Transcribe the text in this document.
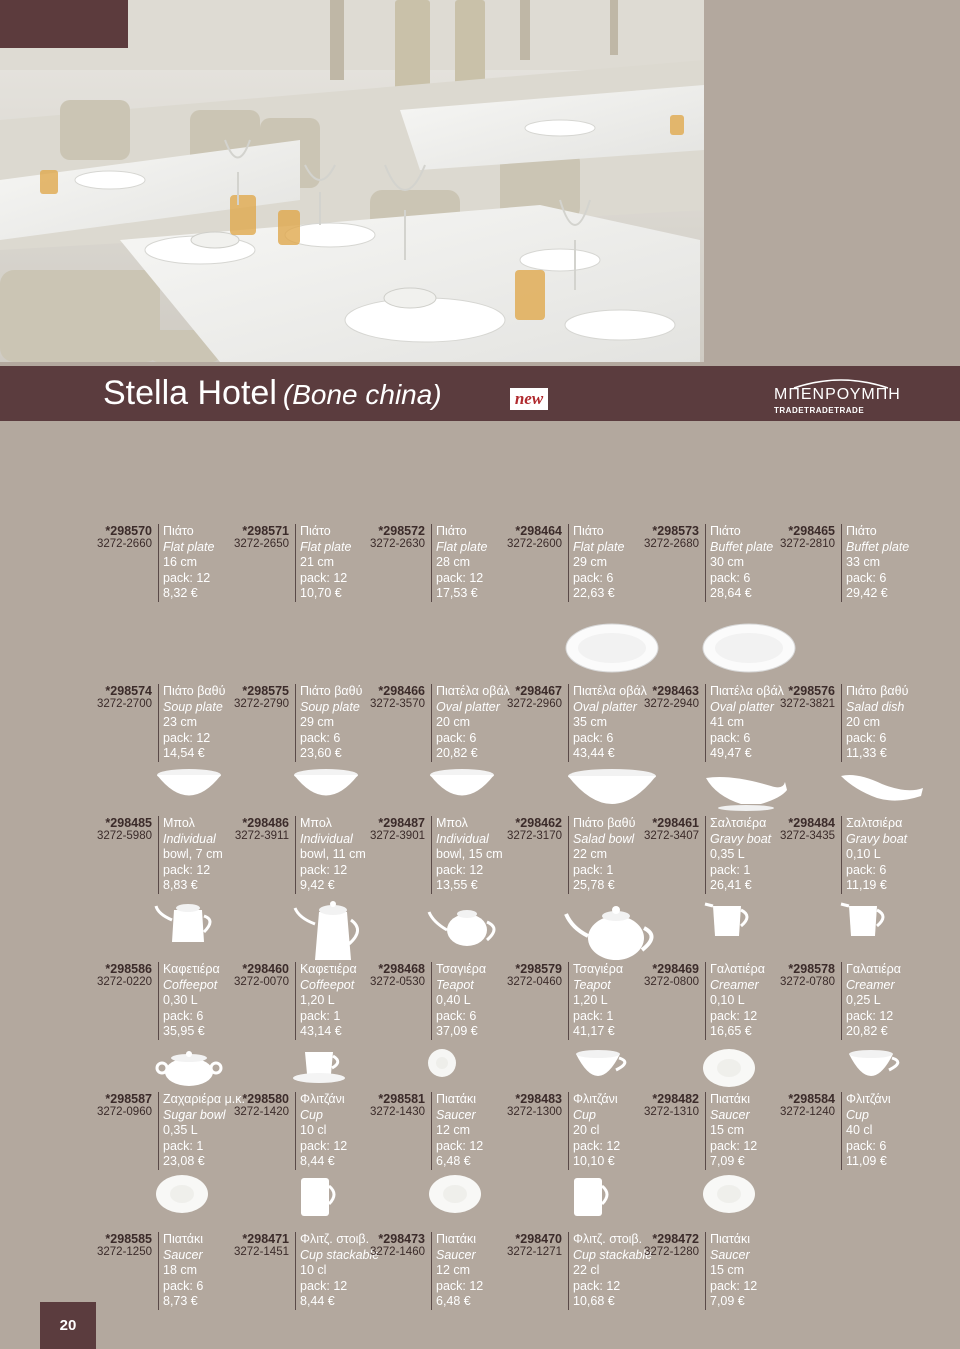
Stella Hotel (Bone china)	new	ΜΠΕΝΡΟΥΜΠΗ
TRADETRADETRADE
*298570
3272-2660
Πιάτο
Flat plate
16 cm
pack: 12
8,32 €
*298571
3272-2650
Πιάτο
Flat plate
21 cm
pack: 12
10,70 €
*298572
3272-2630
Πιάτο
Flat plate
28 cm
pack: 12
17,53 €
*298464
3272-2600
Πιάτο
Flat plate
29 cm
pack: 6
22,63 €
*298573
3272-2680
Πιάτο
Buffet plate
30 cm
pack: 6
28,64 €
*298465
3272-2810
Πιάτο
Buffet plate
33 cm
pack: 6
29,42 €
*298574
3272-2700
Πιάτο βαθύ
Soup plate
23 cm
pack: 12
14,54 €
*298575
3272-2790
Πιάτο βαθύ
Soup plate
29 cm
pack: 6
23,60 €
*298466
3272-3570
Πιατέλα οβάλ
Oval platter
20 cm
pack: 6
20,82 €
*298467
3272-2960
Πιατέλα οβάλ
Oval platter
35 cm
pack: 6
43,44 €
*298463
3272-2940
Πιατέλα οβάλ
Oval platter
41 cm
pack: 6
49,47 €
*298576
3272-3821
Πιάτο βαθύ
Salad dish
20 cm
pack: 6
11,33 €
*298485
3272-5980
Μπολ
Individual
bowl, 7 cm
pack: 12
8,83 €
*298486
3272-3911
Μπολ
Individual
bowl, 11 cm
pack: 12
9,42 €
*298487
3272-3901
Μπολ
Individual
bowl, 15 cm
pack: 12
13,55 €
*298462
3272-3170
Πιάτο βαθύ
Salad bowl
22 cm
pack: 1
25,78 €
*298461
3272-3407
Σαλτσιέρα
Gravy boat
0,35 L
pack: 1
26,41 €
*298484
3272-3435
Σαλτσιέρα
Gravy boat
0,10 L
pack: 6
11,19 €
*298586
3272-0220
Καφετιέρα
Coffeepot
0,30 L
pack: 6
35,95 €
*298460
3272-0070
Καφετιέρα
Coffeepot
1,20 L
pack: 1
43,14 €
*298468
3272-0530
Τσαγιέρα
Teapot
0,40 L
pack: 6
37,09 €
*298579
3272-0460
Τσαγιέρα
Teapot
1,20 L
pack: 1
41,17 €
*298469
3272-0800
Γαλατιέρα
Creamer
0,10 L
pack: 12
16,65 €
*298578
3272-0780
Γαλατιέρα
Creamer
0,25 L
pack: 12
20,82 €
*298587
3272-0960
Ζαχαριέρα μ.κ.
Sugar bowl
0,35 L
pack: 1
23,08 €
*298580
3272-1420
Φλιτζάνι
Cup
10 cl
pack: 12
8,44 €
*298581
3272-1430
Πιατάκι
Saucer
12 cm
pack: 12
6,48 €
*298483
3272-1300
Φλιτζάνι
Cup
20 cl
pack: 12
10,10 €
*298482
3272-1310
Πιατάκι
Saucer
15 cm
pack: 12
7,09 €
*298584
3272-1240
Φλιτζάνι
Cup
40 cl
pack: 6
11,09 €
*298585
3272-1250
Πιατάκι
Saucer
18 cm
pack: 6
8,73 €
*298471
3272-1451
Φλιτζ. στοιβ.
Cup stackable
10 cl
pack: 12
8,44 €
*298473
3272-1460
Πιατάκι
Saucer
12 cm
pack: 12
6,48 €
*298470
3272-1271
Φλιτζ. στοιβ.
Cup stackable
22 cl
pack: 12
10,68 €
*298472
3272-1280
Πιατάκι
Saucer
15 cm
pack: 12
7,09 €
20
